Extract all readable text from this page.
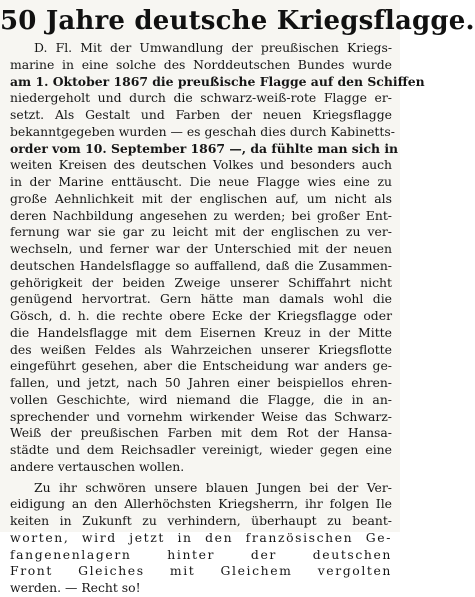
50 Jahre deutsche Kriegsflagge.
D. Fl. Mit der Umwandlung der preußischen Kriegs-
marine in eine solche des Norddeutschen Bundes wurde
am 1. Oktober 1867 die preußische Flagge auf den Schiffen
niedergeholt und durch die schwarz-weiß-rote Flagge er-
setzt. Als Gestalt und Farben der neuen Kriegsflagge
bekanntgegeben wurden — es geschah dies durch Kabinetts-
order vom 10. September 1867 —, da fühlte man sich in
weiten Kreisen des deutschen Volkes und besonders auch
in der Marine enttäuscht. Die neue Flagge wies eine zu
große Aehnlichkeit mit der englischen auf, um nicht als
deren Nachbildung angesehen zu werden; bei großer Ent-
fernung war sie gar zu leicht mit der englischen zu ver-
wechseln, und ferner war der Unterschied mit der neuen
deutschen Handelsflagge so auffallend, daß die Zusammen-
gehörigkeit der beiden Zweige unserer Schiffahrt nicht
genügend hervortrat. Gern hätte man damals wohl die
Gösch, d. h. die rechte obere Ecke der Kriegsflagge oder
die Handelsflagge mit dem Eisernen Kreuz in der Mitte
des weißen Feldes als Wahrzeichen unserer Kriegsflotte
eingeführt gesehen, aber die Entscheidung war anders ge-
fallen, und jetzt, nach 50 Jahren einer beispiellos ehren-
vollen Geschichte, wird niemand die Flagge, die in an-
sprechender und vornehm wirkender Weise das Schwarz-
Weiß der preußischen Farben mit dem Rot der Hansa-
städte und dem Reichsadler vereinigt, wieder gegen eine
andere vertauschen wollen.
Zu ihr schwören unsere blauen Jungen bei der Ver-
eidigung an den Allerhöchsten Kriegsherrn, ihr folgen Ile
keiten in Zukunft zu verhindern, überhaupt zu beant-
worten, wird jetzt in den französischen Ge-
fangenenlagern hinter der deutschen
Front Gleiches mit Gleichem vergolten
werden. — Recht so!
